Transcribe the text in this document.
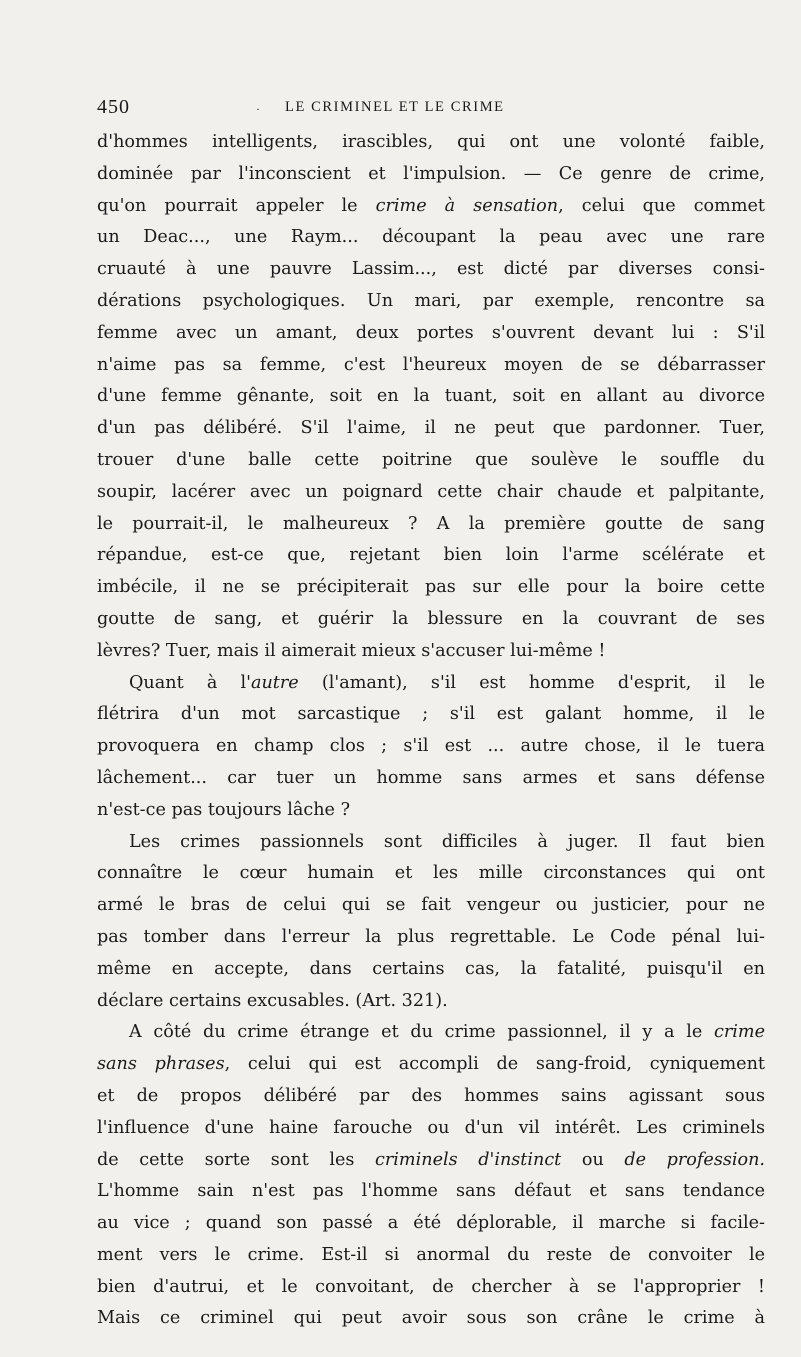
450	· LE CRIMINEL ET LE CRIME
d'hommes intelligents, irascibles, qui ont une volonté faible,
dominée par l'inconscient et l'impulsion. — Ce genre de crime,
qu'on pourrait appeler le crime à sensation, celui que commet
un Deac..., une Raym... découpant la peau avec une rare
cruauté à une pauvre Lassim..., est dicté par diverses consi-
dérations psychologiques. Un mari, par exemple, rencontre sa
femme avec un amant, deux portes s'ouvrent devant lui : S'il
n'aime pas sa femme, c'est l'heureux moyen de se débarrasser
d'une femme gênante, soit en la tuant, soit en allant au divorce
d'un pas délibéré. S'il l'aime, il ne peut que pardonner. Tuer,
trouer d'une balle cette poitrine que soulève le souffle du
soupir, lacérer avec un poignard cette chair chaude et palpitante,
le pourrait-il, le malheureux ? A la première goutte de sang
répandue, est-ce que, rejetant bien loin l'arme scélérate et
imbécile, il ne se précipiterait pas sur elle pour la boire cette
goutte de sang, et guérir la blessure en la couvrant de ses
lèvres? Tuer, mais il aimerait mieux s'accuser lui-même !
Quant à l'autre (l'amant), s'il est homme d'esprit, il le
flétrira d'un mot sarcastique ; s'il est galant homme, il le
provoquera en champ clos ; s'il est ... autre chose, il le tuera
lâchement... car tuer un homme sans armes et sans défense
n'est-ce pas toujours lâche ?
Les crimes passionnels sont difficiles à juger. Il faut bien
connaître le cœur humain et les mille circonstances qui ont
armé le bras de celui qui se fait vengeur ou justicier, pour ne
pas tomber dans l'erreur la plus regrettable. Le Code pénal lui-
même en accepte, dans certains cas, la fatalité, puisqu'il en
déclare certains excusables. (Art. 321).
A côté du crime étrange et du crime passionnel, il y a le crime
sans phrases, celui qui est accompli de sang-froid, cyniquement
et de propos délibéré par des hommes sains agissant sous
l'influence d'une haine farouche ou d'un vil intérêt. Les criminels
de cette sorte sont les criminels d'instinct ou de profession.
L'homme sain n'est pas l'homme sans défaut et sans tendance
au vice ; quand son passé a été déplorable, il marche si facile-
ment vers le crime. Est-il si anormal du reste de convoiter le
bien d'autrui, et le convoitant, de chercher à se l'approprier !
Mais ce criminel qui peut avoir sous son crâne le crime à
